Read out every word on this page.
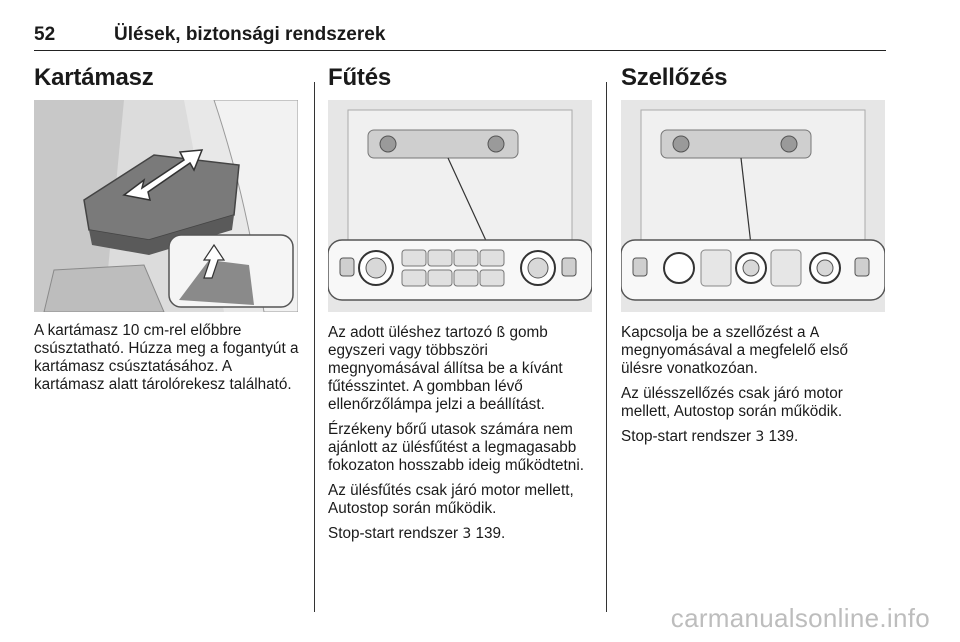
52	Ülések, biztonsági rendszerek
Kartámasz

A kartámasz 10 cm-rel előbbre csúsztatható. Húzza meg a fogantyút a kartámasz csúsztatásához. A kartámasz alatt tárolórekesz található.

Fűtés

Az adott üléshez tartozó ß gomb egyszeri vagy többszöri megnyomásával állítsa be a kívánt fűtésszintet. A gombban lévő ellenőrzőlámpa jelzi a beállítást.

Érzékeny bőrű utasok számára nem ajánlott az ülésfűtést a legmagasabb fokozaton hosszabb ideig működtetni.

Az ülésfűtés csak járó motor mellett, Autostop során működik.

Stop-start rendszer 3 139.

Szellőzés

Kapcsolja be a szellőzést a A megnyomásával a megfelelő első ülésre vonatkozóan.

Az ülésszellőzés csak járó motor mellett, Autostop során működik.

Stop-start rendszer 3 139.

carmanualsonline.info
